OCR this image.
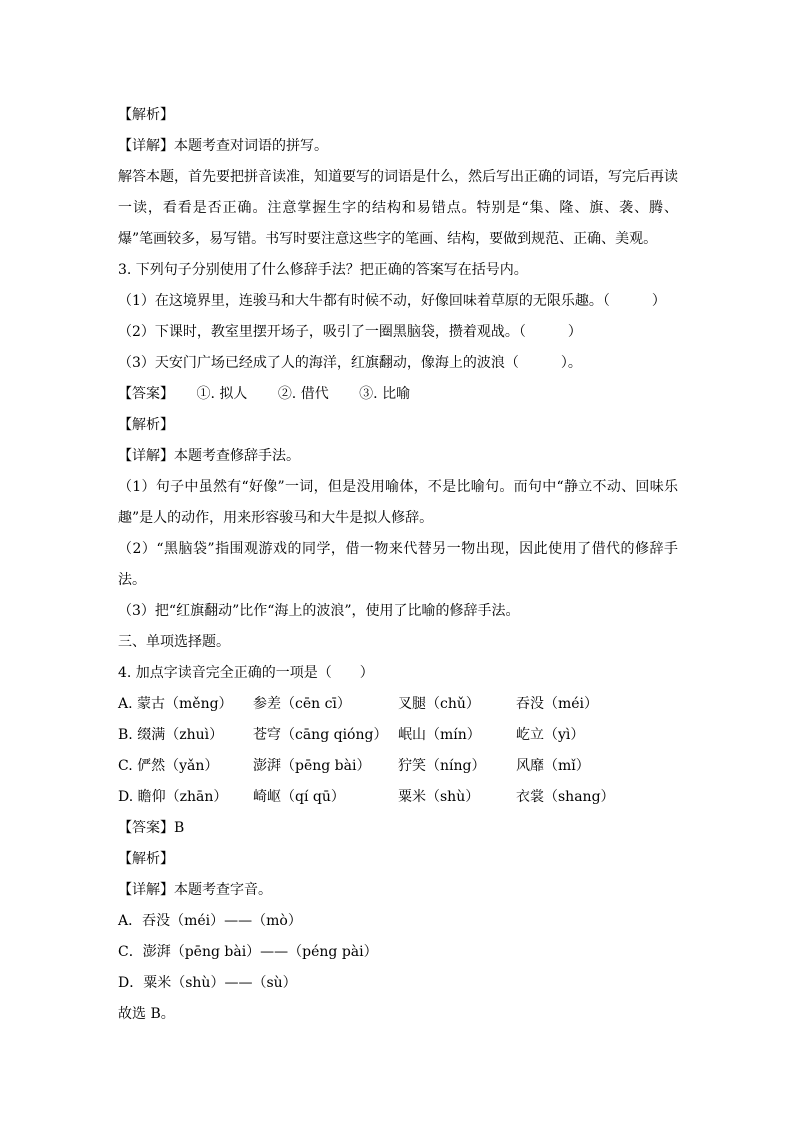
【解析】
【详解】本题考查对词语的拼写。
解答本题，首先要把拼音读准，知道要写的词语是什么，然后写出正确的词语，写完后再读一读，看看是否正确。注意掌握生字的结构和易错点。特别是“集、隆、旗、袭、腾、爆”笔画较多，易写错。书写时要注意这些字的笔画、结构，要做到规范、正确、美观。
3. 下列句子分别使用了什么修辞手法？把正确的答案写在括号内。
（1）在这境界里，连骏马和大牛都有时候不动，好像回味着草原的无限乐趣。（　　　）
（2）下课时，教室里摆开场子，吸引了一圈黑脑袋，攒着观战。（　　　）
（3）天安门广场已经成了人的海洋，红旗翻动，像海上的波浪（　　　）。
【答案】 ①. 拟人 ②. 借代 ③. 比喻
【解析】
【详解】本题考查修辞手法。
（1）句子中虽然有“好像”一词，但是没用喻体，不是比喻句。而句中“静立不动、回味乐趣”是人的动作，用来形容骏马和大牛是拟人修辞。
（2）“黑脑袋”指围观游戏的同学，借一物来代替另一物出现，因此使用了借代的修辞手法。
（3）把“红旗翻动”比作“海上的波浪”，使用了比喻的修辞手法。
三、单项选择题。
4. 加点字读音完全正确的一项是（　　）
A. 蒙古（měng） 参差（cēn cī）	叉腿（chǔ）	吞没（méi）
B. 缀满（zhuì） 苍穹（cāng qióng） 岷山（mín）	屹立（yì）
C. 俨然（yǎn） 澎湃（pēng bài） 狞笑（níng） 风靡（mǐ）
D. 瞻仰（zhān） 崎岖（qí qū）	粟米（shù）	衣裳（shang）
【答案】B
【解析】
【详解】本题考查字音。
A．吞没（méi）——（mò）
C．澎湃（pēng bài）——（péng pài）
D．粟米（shù）——（sù）
故选 B。
